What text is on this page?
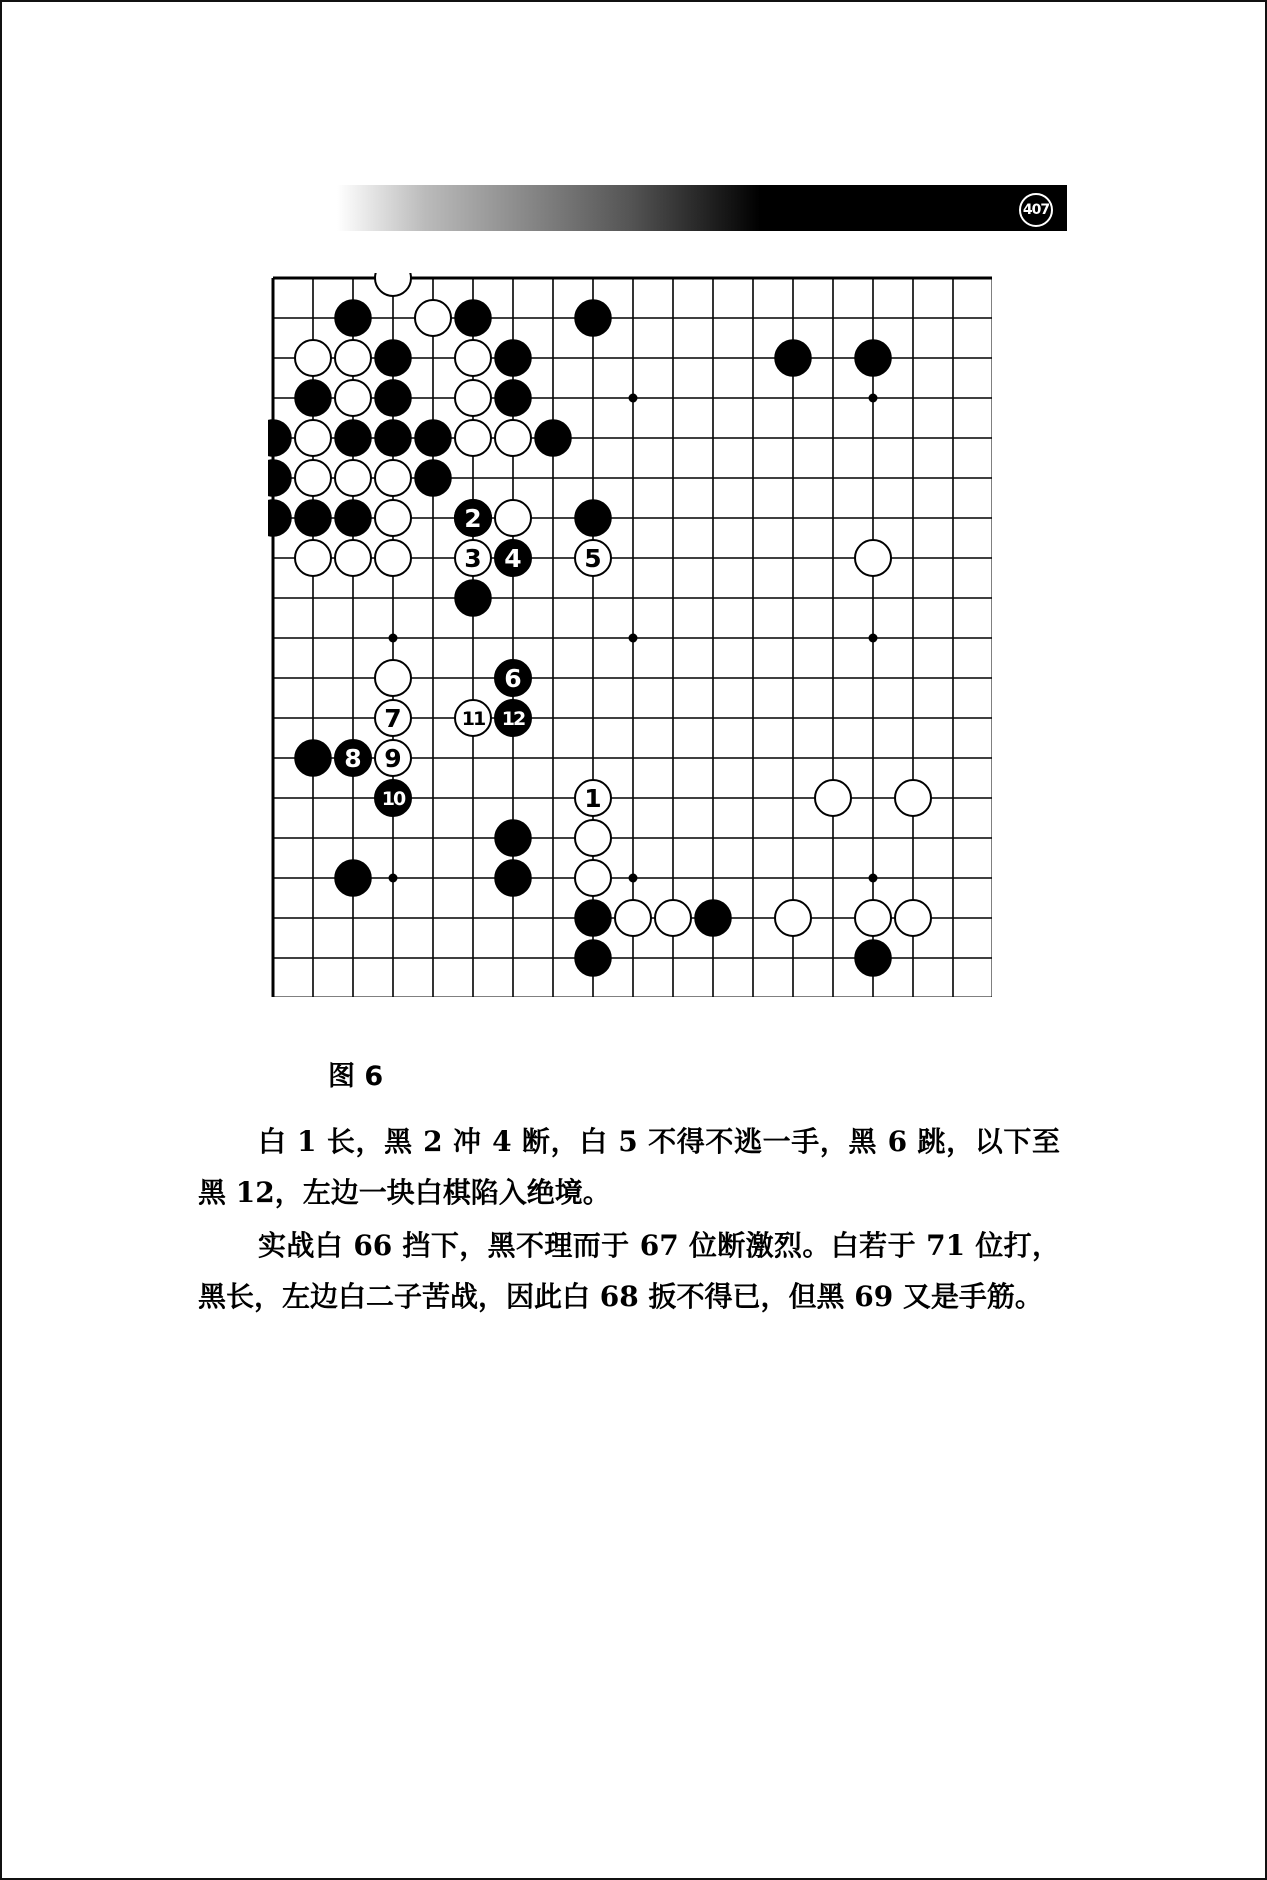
407
1
2
3 4	5
6
7
8 9
10
11 12
图 6

白 1 长，黑 2 冲 4 断，白 5 不得不逃一手，黑 6 跳，以下至黑 12，左边一块白棋陷入绝境。

实战白 66 挡下，黑不理而于 67 位断激烈。白若于 71 位打，黑长，左边白二子苦战，因此白 68 扳不得已，但黑 69 又是手筋。
